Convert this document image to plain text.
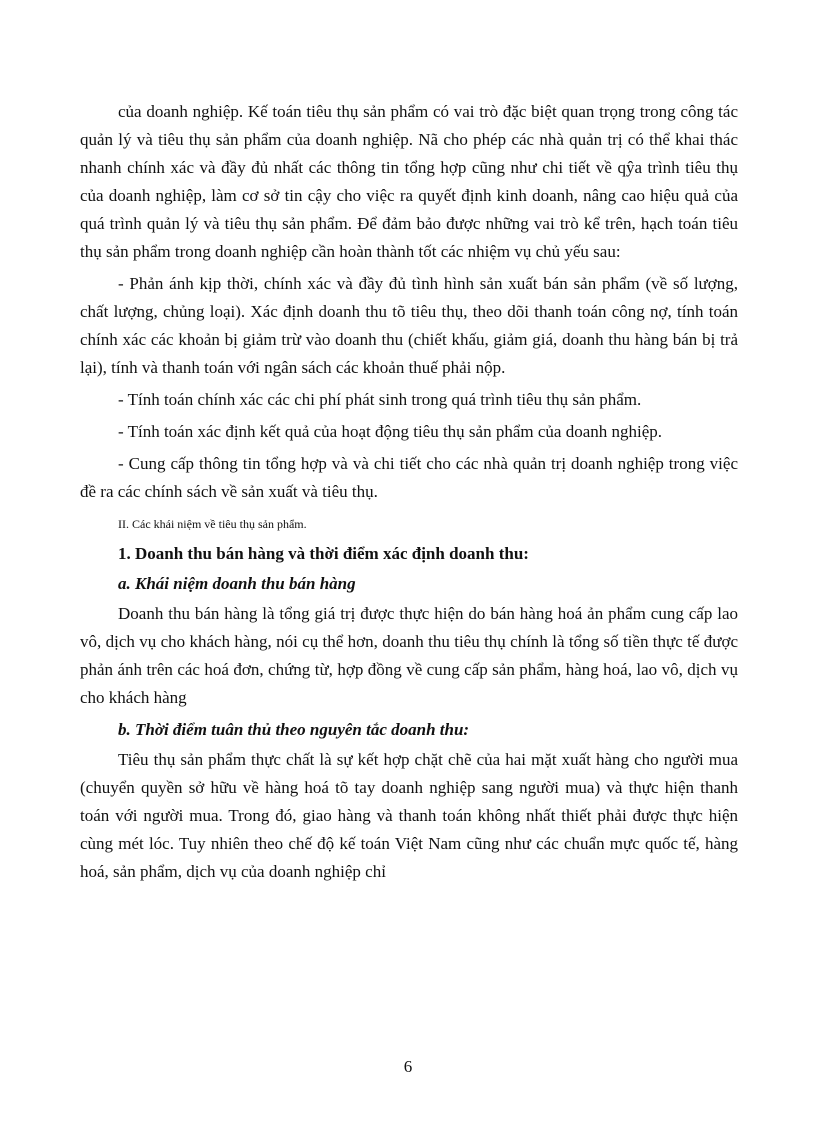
của doanh nghiệp. Kế toán tiêu thụ sản phẩm có vai trò đặc biệt quan trọng trong công tác quản lý và tiêu thụ sản phẩm của doanh nghiệp. Nã cho phép các nhà quản trị có thể khai thác nhanh chính xác và đầy đủ nhất các thông tin tổng hợp cũng như chi tiết về qŷa trình tiêu thụ của doanh nghiệp, làm cơ sở tin cậy cho việc ra quyết định kinh doanh, nâng cao hiệu quả của quá trình quản lý và tiêu thụ sản phẩm. Để đảm bảo được những vai trò kể trên, hạch toán tiêu thụ sản phẩm trong doanh nghiệp cần hoàn thành tốt các nhiệm vụ chủ yếu sau:

- Phản ánh kịp thời, chính xác và đầy đủ tình hình sản xuất bán sản phẩm (về số lượng, chất lượng, chủng loại). Xác định doanh thu tõ tiêu thụ, theo dõi thanh toán công nợ, tính toán chính xác các khoản bị giảm trừ vào doanh thu (chiết khấu, giảm giá, doanh thu hàng bán bị trả lại), tính và thanh toán với ngân sách các khoản thuế phải nộp.

- Tính toán chính xác các chi phí phát sinh trong quá trình tiêu thụ sản phẩm.

- Tính toán xác định kết quả của hoạt động tiêu thụ sản phẩm của doanh nghiệp.

- Cung cấp thông tin tổng hợp và và chi tiết cho các nhà quản trị doanh nghiệp trong việc đề ra các chính sách về sản xuất và tiêu thụ.

II. Các khái niệm về tiêu thụ sản phẩm.
1. Doanh thu bán hàng và thời điểm xác định doanh thu:
a. Khái niệm doanh thu bán hàng

Doanh thu bán hàng là tổng giá trị được thực hiện do bán hàng hoá ản phẩm cung cấp lao vô, dịch vụ cho khách hàng, nói cụ thể hơn, doanh thu tiêu thụ chính là tổng số tiền thực tế được phản ánh trên các hoá đơn, chứng từ, hợp đồng về cung cấp sản phẩm, hàng hoá, lao vô, dịch vụ cho khách hàng

b. Thời điểm tuân thủ theo nguyên tắc doanh thu:

Tiêu thụ sản phẩm thực chất là sự kết hợp chặt chẽ của hai mặt xuất hàng cho người mua (chuyển quyền sở hữu về hàng hoá tõ tay doanh nghiệp sang người mua) và thực hiện thanh toán với người mua. Trong đó, giao hàng và thanh toán không nhất thiết phải được thực hiện cùng mét lóc. Tuy nhiên theo chế độ kế toán Việt Nam cũng như các chuẩn mực quốc tế, hàng hoá, sản phẩm, dịch vụ của doanh nghiệp chỉ

6
